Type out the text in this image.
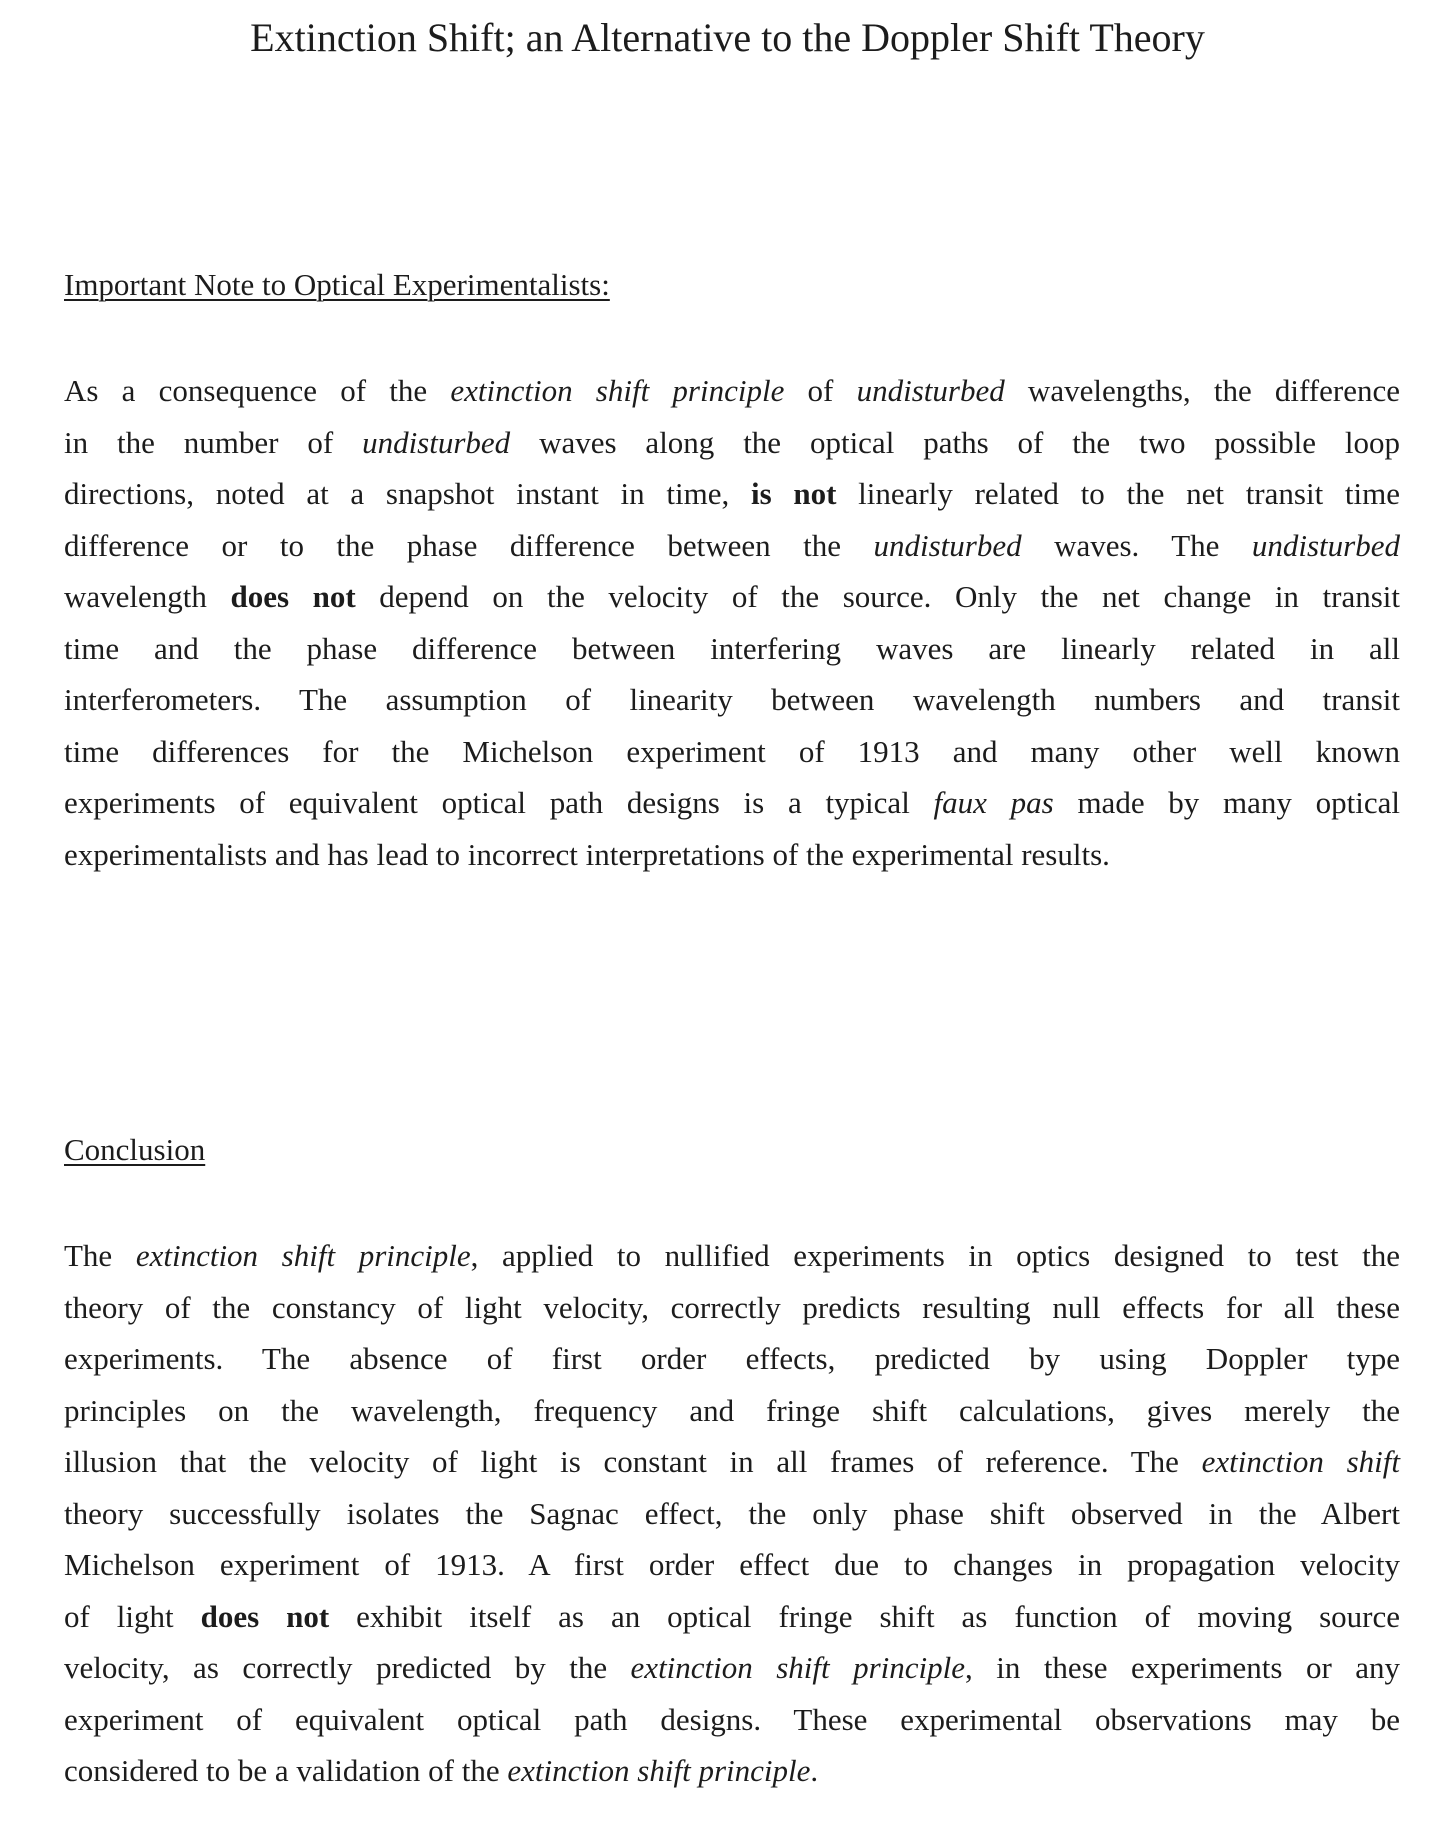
Extinction Shift; an Alternative to the Doppler Shift Theory
Important Note to Optical Experimentalists:
As a consequence of the extinction shift principle of undisturbed wavelengths, the difference
in the number of undisturbed waves along the optical paths of the two possible loop
directions, noted at a snapshot instant in time, is not linearly related to the net transit time
difference or to the phase difference between the undisturbed waves. The undisturbed
wavelength does not depend on the velocity of the source. Only the net change in transit
time and the phase difference between interfering waves are linearly related in all
interferometers. The assumption of linearity between wavelength numbers and transit
time differences for the Michelson experiment of 1913 and many other well known
experiments of equivalent optical path designs is a typical faux pas made by many optical
experimentalists and has lead to incorrect interpretations of the experimental results.
Conclusion
The extinction shift principle, applied to nullified experiments in optics designed to test the
theory of the constancy of light velocity, correctly predicts resulting null effects for all these
experiments. The absence of first order effects, predicted by using Doppler type
principles on the wavelength, frequency and fringe shift calculations, gives merely the
illusion that the velocity of light is constant in all frames of reference. The extinction shift
theory successfully isolates the Sagnac effect, the only phase shift observed in the Albert
Michelson experiment of 1913. A first order effect due to changes in propagation velocity
of light does not exhibit itself as an optical fringe shift as function of moving source
velocity, as correctly predicted by the extinction shift principle, in these experiments or any
experiment of equivalent optical path designs. These experimental observations may be
considered to be a validation of the extinction shift principle.
